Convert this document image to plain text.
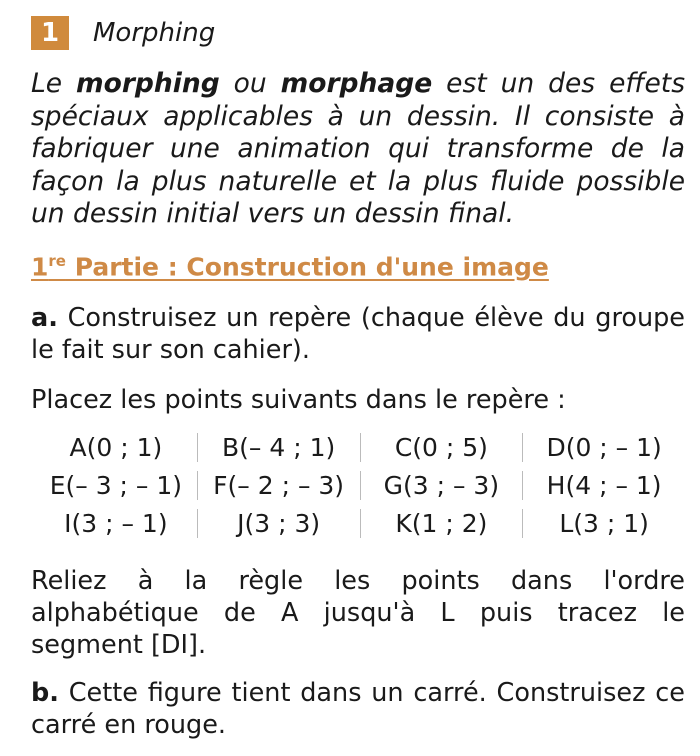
1	Morphing
Le morphing ou morphage est un des effets spéciaux applicables à un dessin. Il consiste à fabriquer une animation qui transforme de la façon la plus naturelle et la plus fluide possible un dessin initial vers un dessin final.
1re Partie : Construction d'une image
a. Construisez un repère (chaque élève du groupe le fait sur son cahier).
Placez les points suivants dans le repère :
A(0 ; 1)	B(– 4 ; 1)	C(0 ; 5)	D(0 ; – 1)
E(– 3 ; – 1)	F(– 2 ; – 3)	G(3 ; – 3)	H(4 ; – 1)
I(3 ; – 1)	J(3 ; 3)	K(1 ; 2)	L(3 ; 1)
Reliez à la règle les points dans l'ordre alphabétique de A jusqu'à L puis tracez le segment [DI].
b. Cette figure tient dans un carré. Construisez ce carré en rouge.
